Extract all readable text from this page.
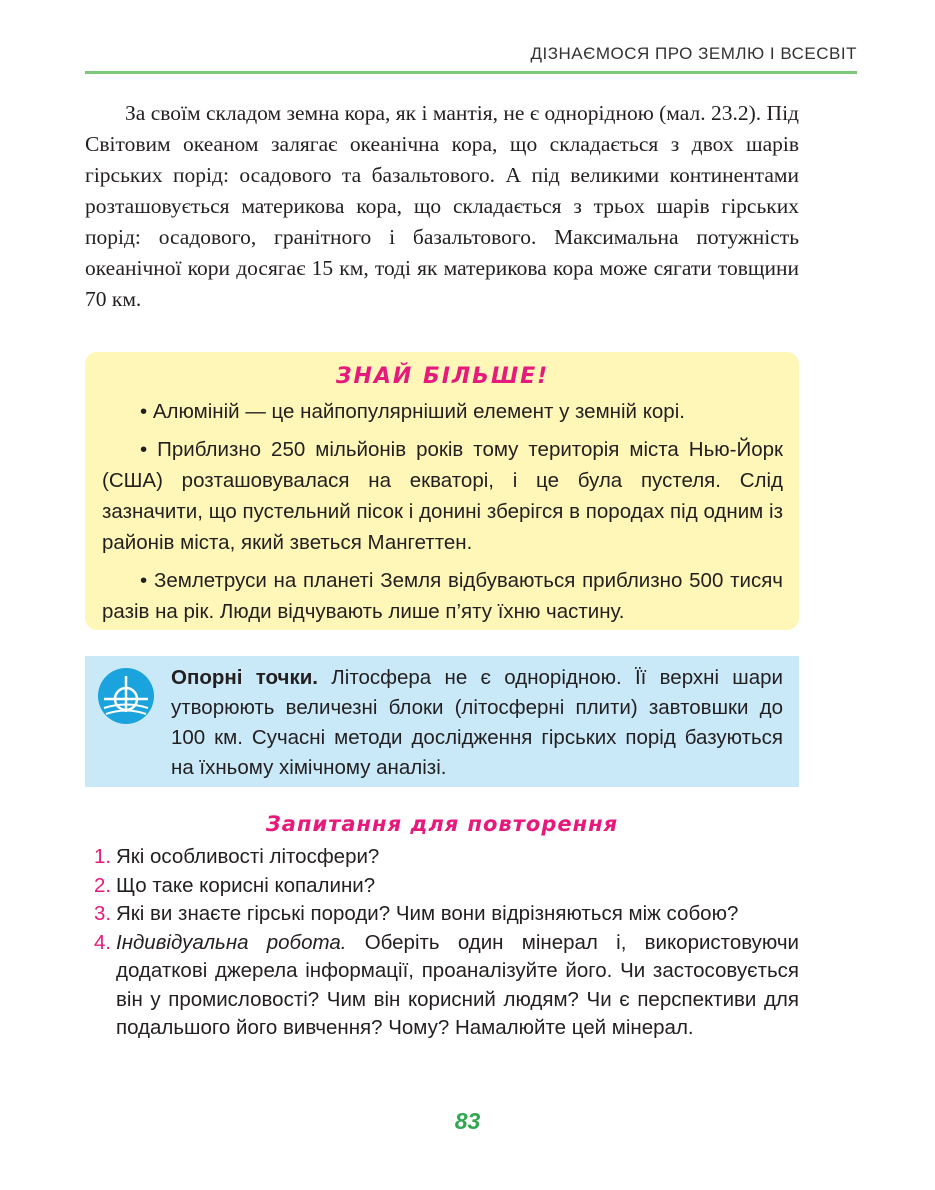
ДІЗНАЄМОСЯ ПРО ЗЕМЛЮ І ВСЕСВІТ

За своїм складом земна кора, як і мантія, не є однорідною (мал. 23.2). Під Світовим океаном залягає океанічна кора, що складається з двох шарів гірських порід: осадового та базальтового. А під великими континентами розташовується материкова кора, що складається з трьох шарів гірських порід: осадового, гранітного і базальтового. Максимальна потужність океанічної кори досягає 15 км, тоді як материкова кора може сягати товщини 70 км.

ЗНАЙ БІЛЬШЕ!

• Алюміній — це найпопулярніший елемент у земній корі.

• Приблизно 250 мільйонів років тому територія міста Нью-Йорк (США) розташовувалася на екваторі, і це була пустеля. Слід зазначити, що пустельний пісок і донині зберігся в породах під одним із районів міста, який зветься Мангеттен.

• Землетруси на планеті Земля відбуваються приблизно 500 тисяч разів на рік. Люди відчувають лише п’яту їхню частину.

Опорні точки. Літосфера не є однорідною. Її верхні шари утворюють величезні блоки (літосферні плити) завтовшки до 100 км. Сучасні методи дослідження гірських порід базуються на їхньому хімічному аналізі.

Запитання для повторення
1. Які особливості літосфери?
2. Що таке корисні копалини?
3. Які ви знаєте гірські породи? Чим вони відрізняються між собою?
4. Індивідуальна робота. Оберіть один мінерал і, використовуючи додаткові джерела інформації, проаналізуйте його. Чи застосовується він у промисловості? Чим він корисний людям? Чи є перспективи для подальшого його вивчення? Чому? Намалюйте цей мінерал.
83
